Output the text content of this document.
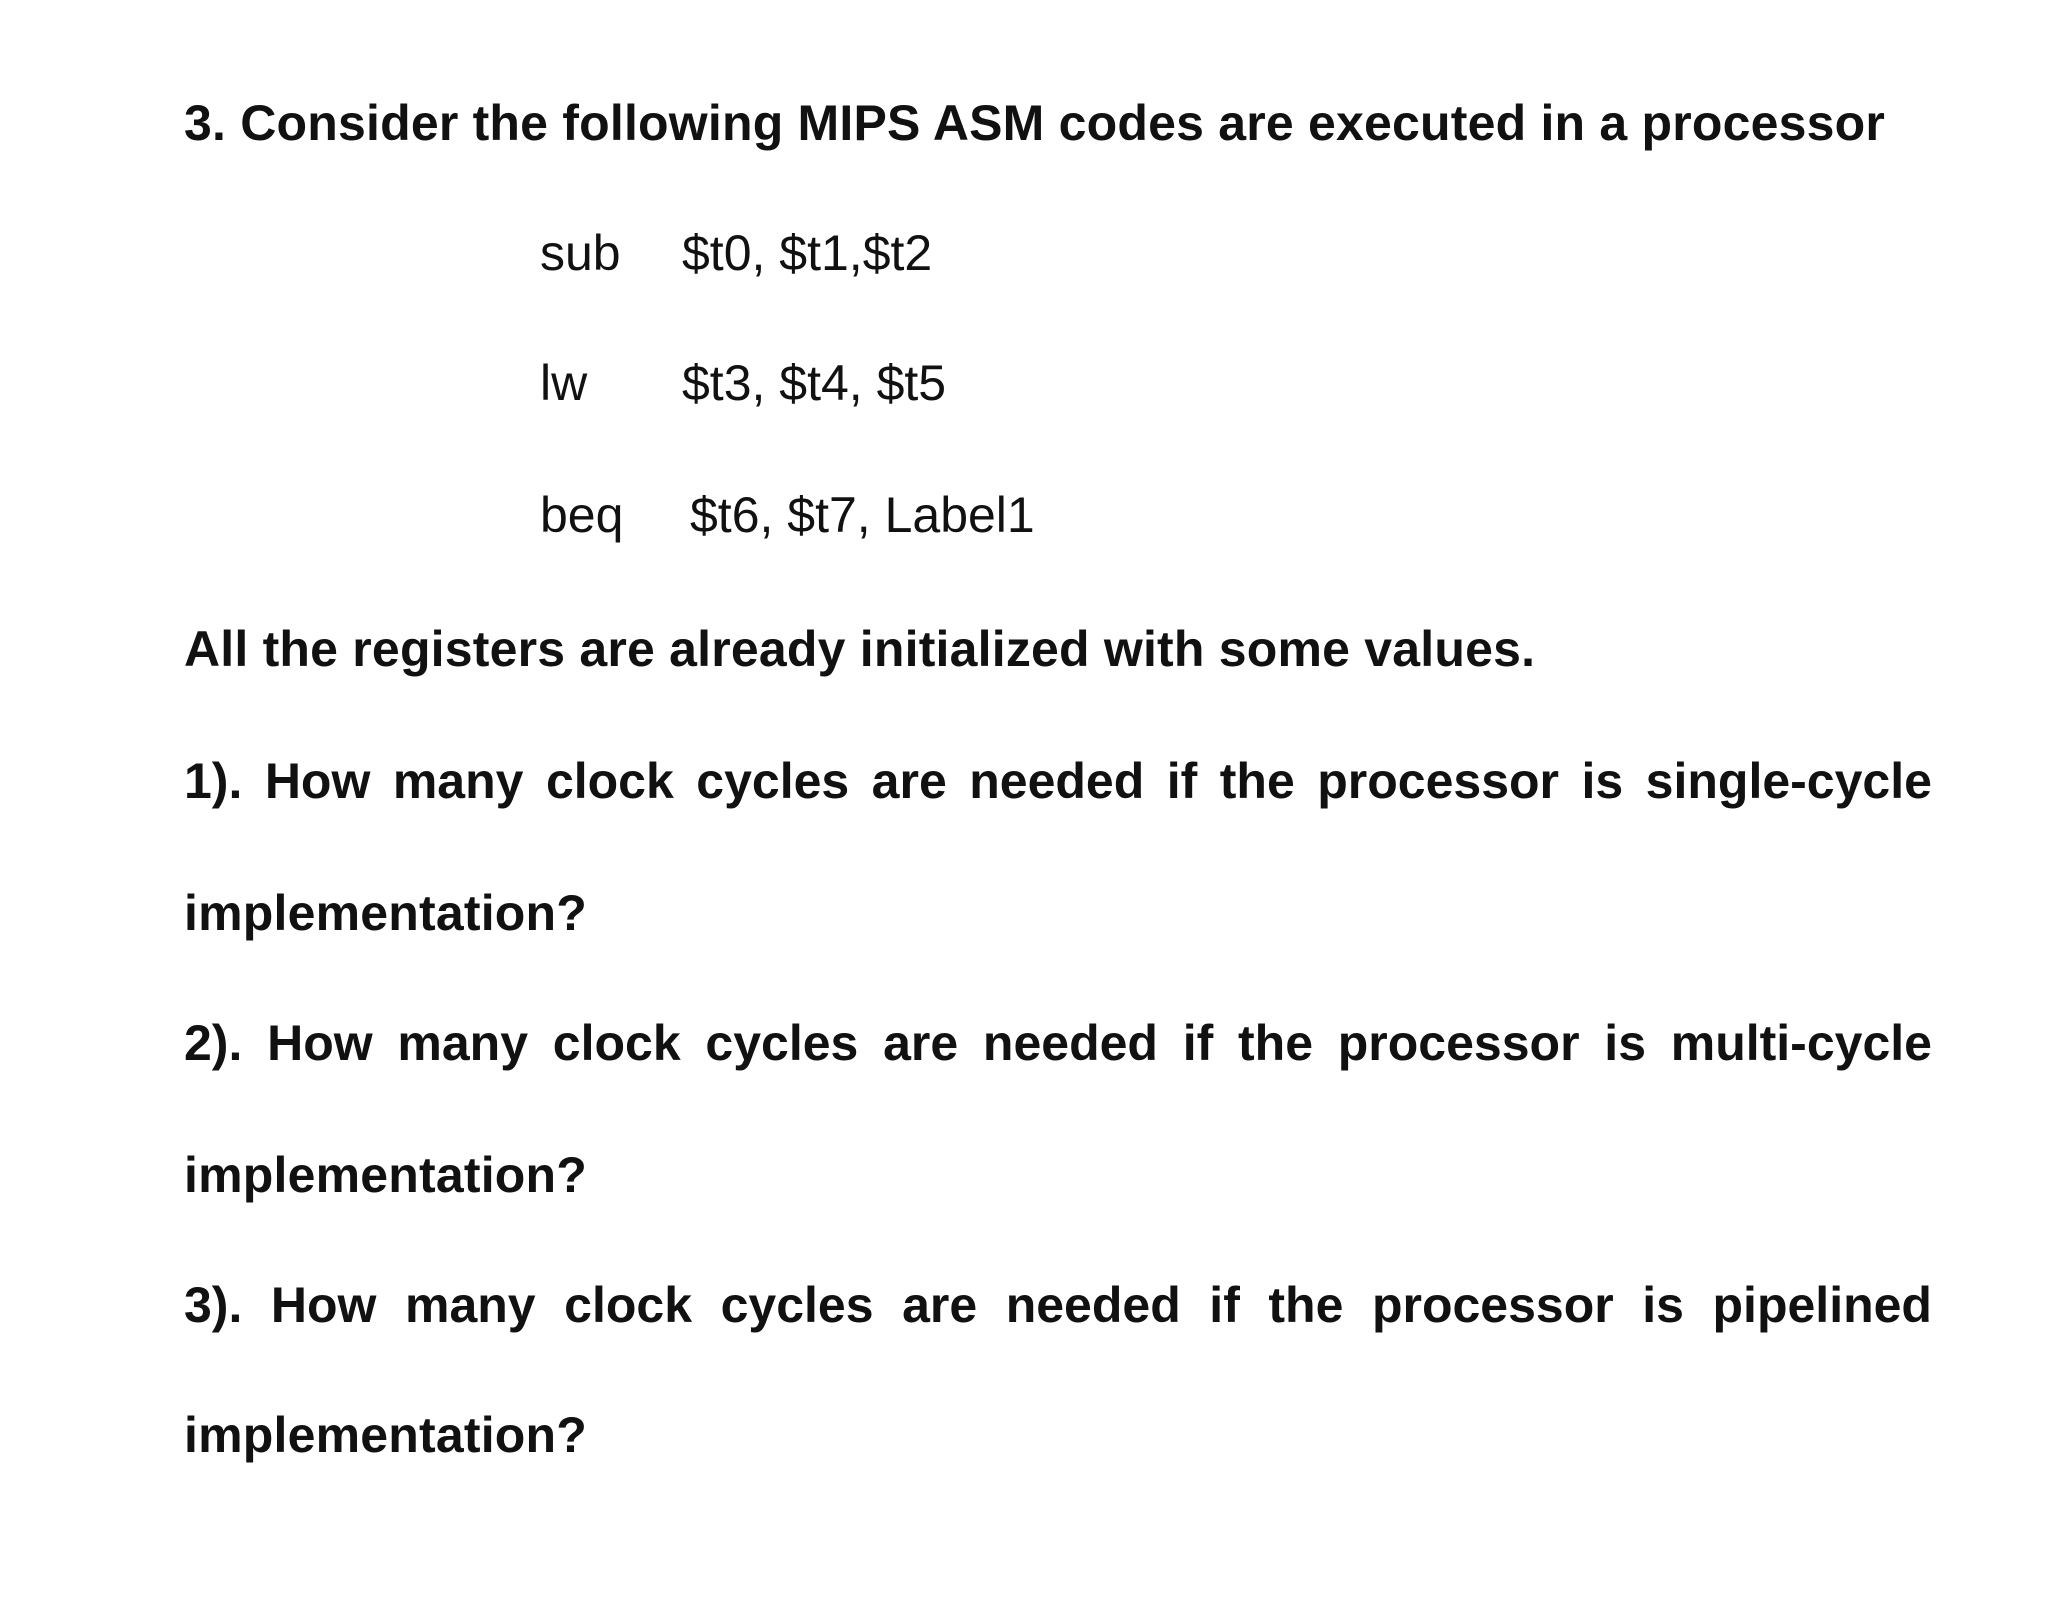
3. Consider the following MIPS ASM codes are executed in a processor
sub $t0, $t1,$t2
lw $t3, $t4, $t5
beq $t6, $t7, Label1
All the registers are already initialized with some values.
1). How many clock cycles are needed if the processor is single-cycle
implementation?
2). How many clock cycles are needed if the processor is multi-cycle
implementation?
3). How many clock cycles are needed if the processor is pipelined
implementation?
